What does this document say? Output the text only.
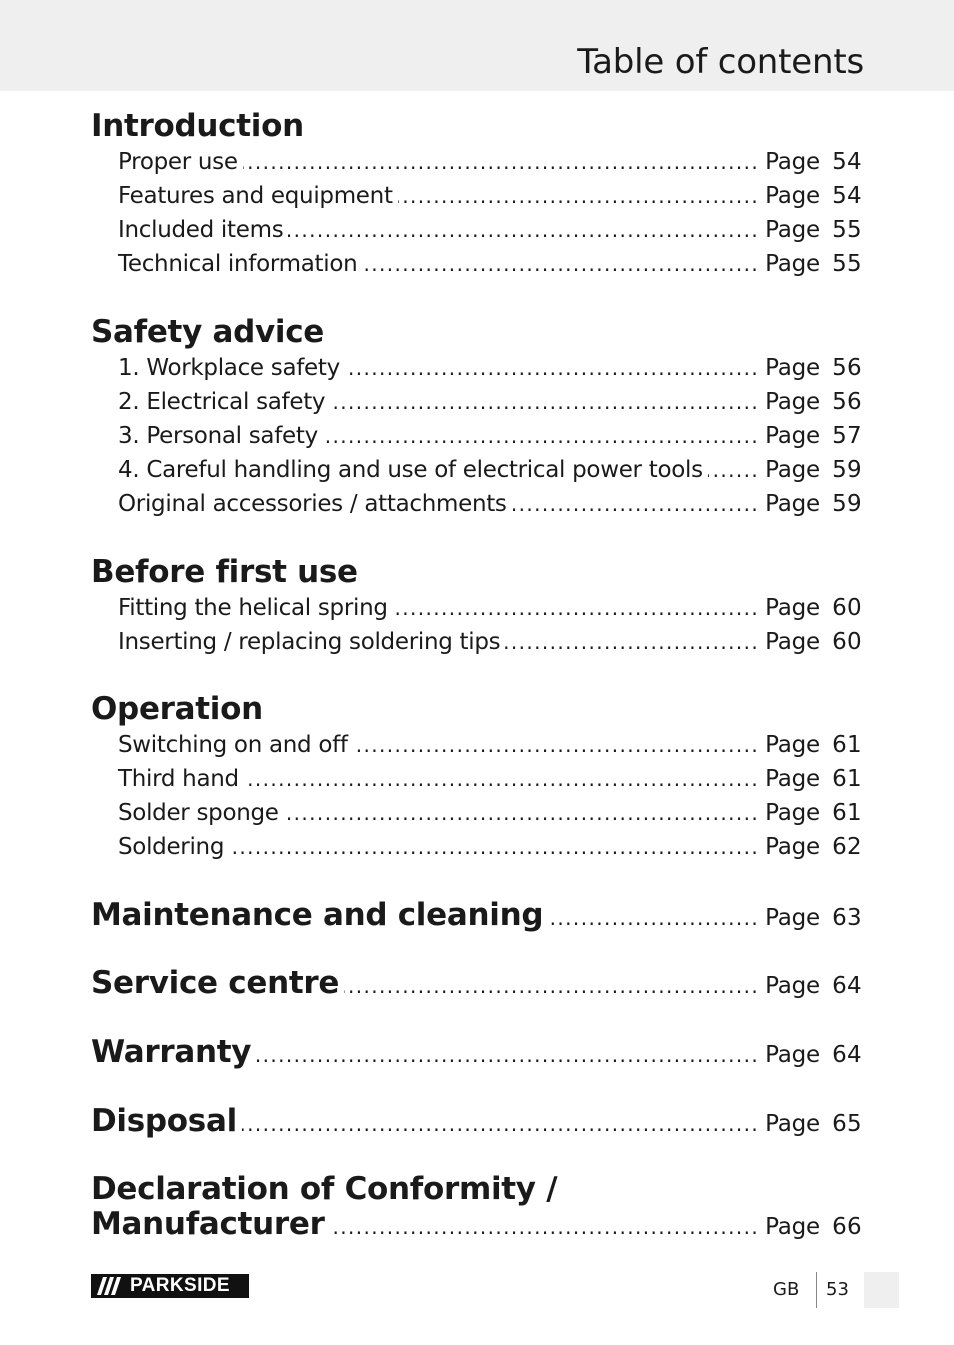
Table of contents
Introduction
Proper use .....	Page 54
Features and equipment .....	Page 54
Included items .....	Page 55
Technical information .....	Page 55
Safety advice
1. Workplace safety .....	Page 56
2. Electrical safety .....	Page 56
3. Personal safety .....	Page 57
4. Careful handling and use of electrical power tools .....	Page 59
Original accessories / attachments .....	Page 59
Before first use
Fitting the helical spring .....	Page 60
Inserting / replacing soldering tips .....	Page 60
Operation
Switching on and off .....	Page 61
Third hand .....	Page 61
Solder sponge .....	Page 61
Soldering .....	Page 62
Maintenance and cleaning .....	Page 63
Service centre .....	Page 64
Warranty .....	Page 64
Disposal .....	Page 65
Declaration of Conformity /
Manufacturer .....	Page 66
PARKSIDE	GB 53
